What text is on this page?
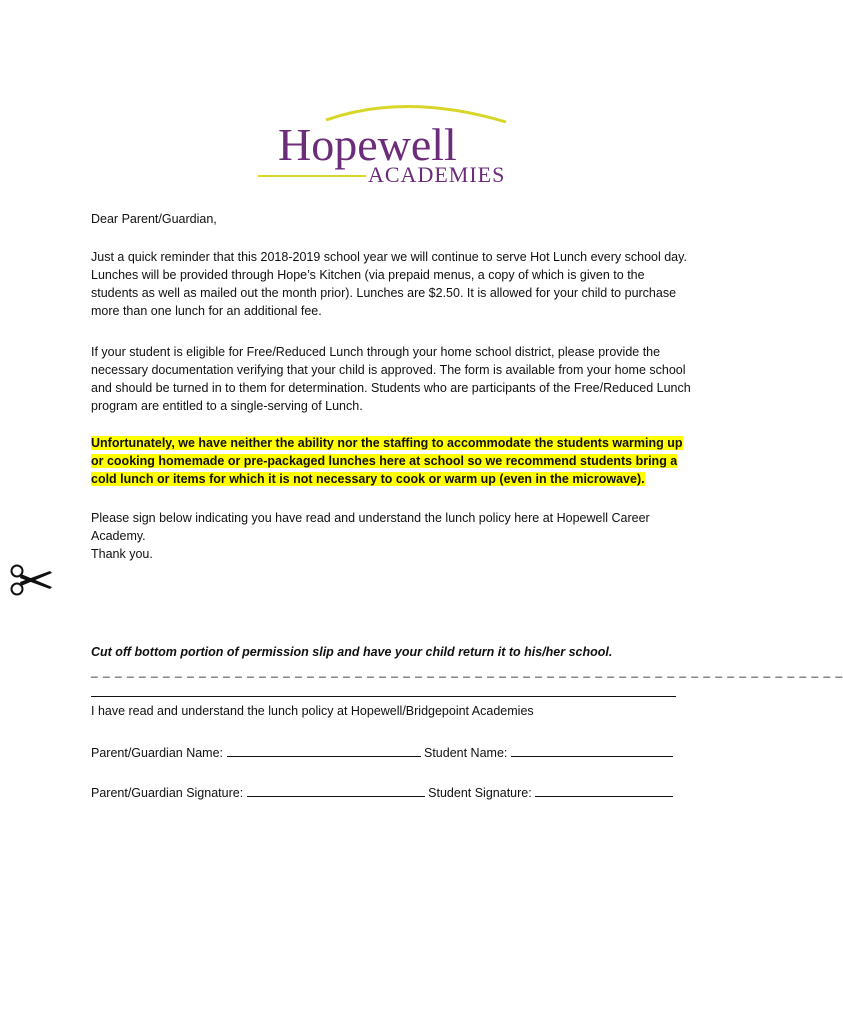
Hopewell
ACADEMIES

Dear Parent/Guardian,

Just a quick reminder that this 2018-2019 school year we will continue to serve Hot Lunch every school day. Lunches will be provided through Hope’s Kitchen (via prepaid menus, a copy of which is given to the students as well as mailed out the month prior). Lunches are $2.50. It is allowed for your child to purchase more than one lunch for an additional fee.

If your student is eligible for Free/Reduced Lunch through your home school district, please provide the necessary documentation verifying that your child is approved. The form is available from your home school and should be turned in to them for determination. Students who are participants of the Free/Reduced Lunch program are entitled to a single-serving of Lunch.

Unfortunately, we have neither the ability nor the staffing to accommodate the students warming up or cooking homemade or pre-packaged lunches here at school so we recommend students bring a cold lunch or items for which it is not necessary to cook or warm up (even in the microwave).

Please sign below indicating you have read and understand the lunch policy here at Hopewell Career Academy.

Thank you.

Cut off bottom portion of permission slip and have your child return it to his/her school.
_ _ _ _ _ _ _ _ _ _ _ _ _ _ _ _ _ _ _ _ _ _ _ _ _ _ _ _ _ _ _ _ _ _ _ _ _ _ _ _ _ _ _ _ _ _ _ _ _ _ _ _ _ _ _ _ _ _ _ _ _ _ _
I have read and understand the lunch policy at Hopewell/Bridgepoint Academies
Parent/Guardian Name:	Student Name:
Parent/Guardian Signature:	Student Signature:
